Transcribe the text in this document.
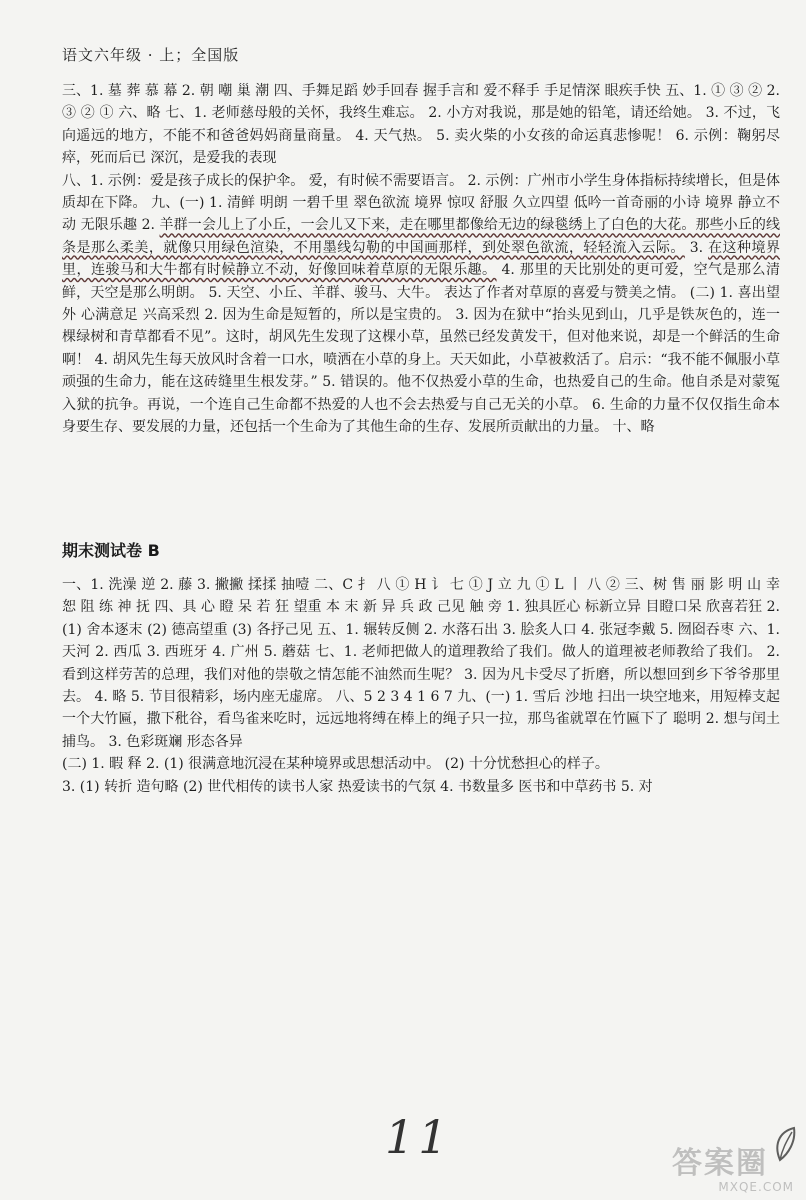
语文六年级 · 上；全国版

三、1. 墓 葬 慕 幕 2. 朝 嘲 巢 潮 四、手舞足蹈 妙手回春 握手言和 爱不释手 手足情深 眼疾手快 五、1. ① ③ ② 2. ③ ② ① 六、略 七、1. 老师慈母般的关怀，我终生难忘。 2. 小方对我说，那是她的铅笔，请还给她。 3. 不过，飞向遥远的地方，不能不和爸爸妈妈商量商量。 4. 天气热。 5. 卖火柴的小女孩的命运真悲惨呢！ 6. 示例：鞠躬尽瘁，死而后已 深沉，是爱我的表现

八、1. 示例：爱是孩子成长的保护伞。 爱，有时候不需要语言。 2. 示例：广州市小学生身体指标持续增长，但是体质却在下降。 九、(一) 1. 清鲜 明朗 一碧千里 翠色欲流 境界 惊叹 舒服 久立四望 低吟一首奇丽的小诗 境界 静立不动 无限乐趣 2. 羊群一会儿上了小丘，一会儿又下来，走在哪里都像给无边的绿毯绣上了白色的大花。那些小丘的线条是那么柔美，就像只用绿色渲染，不用墨线勾勒的中国画那样，到处翠色欲流，轻轻流入云际。 3. 在这种境界里，连骏马和大牛都有时候静立不动，好像回味着草原的无限乐趣。 4. 那里的天比别处的更可爱，空气是那么清鲜，天空是那么明朗。 5. 天空、小丘、羊群、骏马、大牛。 表达了作者对草原的喜爱与赞美之情。 (二) 1. 喜出望外 心满意足 兴高采烈 2. 因为生命是短暂的，所以是宝贵的。 3. 因为在狱中“抬头见到山，几乎是铁灰色的，连一棵绿树和青草都看不见”。这时，胡风先生发现了这棵小草，虽然已经发黄发干，但对他来说，却是一个鲜活的生命啊！ 4. 胡风先生每天放风时含着一口水，喷洒在小草的身上。天天如此，小草被救活了。启示：“我不能不佩服小草顽强的生命力，能在这砖缝里生根发芽。” 5. 错误的。他不仅热爱小草的生命，也热爱自己的生命。他自杀是对蒙冤入狱的抗争。再说，一个连自己生命都不热爱的人也不会去热爱与自己无关的小草。 6. 生命的力量不仅仅指生命本身要生存、要发展的力量，还包括一个生命为了其他生命的生存、发展所贡献出的力量。 十、略

期末测试卷 B

一、1. 洗澡 逆 2. 藤 3. 撇撇 揉揉 抽噎 二、C 扌 八 ① H 讠 七 ① J 立 九 ① L 丨 八 ② 三、树 售 丽 影 明 山 幸 恕 阻 练 神 抚 四、具 心 瞪 呆 若 狂 望重 本 末 新 异 兵 政 己见 触 旁 1. 独具匠心 标新立异 目瞪口呆 欣喜若狂 2. (1) 舍本逐末 (2) 德高望重 (3) 各抒己见 五、1. 辗转反侧 2. 水落石出 3. 脍炙人口 4. 张冠李戴 5. 囫囵吞枣 六、1. 天河 2. 西瓜 3. 西班牙 4. 广州 5. 蘑菇 七、1. 老师把做人的道理教给了我们。做人的道理被老师教给了我们。 2. 看到这样劳苦的总理，我们对他的崇敬之情怎能不油然而生呢？ 3. 因为凡卡受尽了折磨，所以想回到乡下爷爷那里去。 4. 略 5. 节目很精彩，场内座无虚席。 八、5 2 3 4 1 6 7 九、(一) 1. 雪后 沙地 扫出一块空地来，用短棒支起一个大竹匾，撒下秕谷，看鸟雀来吃时，远远地将缚在棒上的绳子只一拉，那鸟雀就罩在竹匾下了 聪明 2. 想与闰土捕鸟。 3. 色彩斑斓 形态各异

(二) 1. 暇 释 2. (1) 很满意地沉浸在某种境界或思想活动中。 (2) 十分忧愁担心的样子。

3. (1) 转折 造句略 (2) 世代相传的读书人家 热爱读书的气氛 4. 书数量多 医书和中草药书 5. 对

11	答案圈
MXQE.COM
